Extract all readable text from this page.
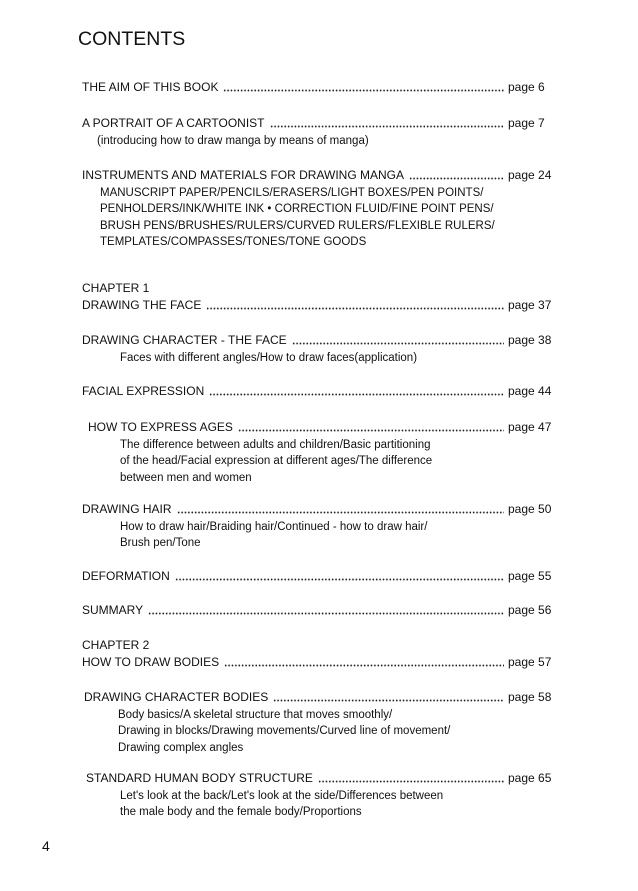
CONTENTS
THE AIM OF THIS BOOK	page 6
A PORTRAIT OF A CARTOONIST	page 7
(introducing how to draw manga by means of manga)
INSTRUMENTS AND MATERIALS FOR DRAWING MANGA	page 24
MANUSCRIPT PAPER/PENCILS/ERASERS/LIGHT BOXES/PEN POINTS/
PENHOLDERS/INK/WHITE INK • CORRECTION FLUID/FINE POINT PENS/
BRUSH PENS/BRUSHES/RULERS/CURVED RULERS/FLEXIBLE RULERS/
TEMPLATES/COMPASSES/TONES/TONE GOODS
CHAPTER 1
DRAWING THE FACE	page 37
DRAWING CHARACTER - THE FACE	page 38
Faces with different angles/How to draw faces(application)
FACIAL EXPRESSION	page 44
HOW TO EXPRESS AGES	page 47
The difference between adults and children/Basic partitioning
of the head/Facial expression at different ages/The difference
between men and women
DRAWING HAIR	page 50
How to draw hair/Braiding hair/Continued - how to draw hair/
Brush pen/Tone
DEFORMATION	page 55
SUMMARY	page 56
CHAPTER 2
HOW TO DRAW BODIES	page 57
DRAWING CHARACTER BODIES	page 58
Body basics/A skeletal structure that moves smoothly/
Drawing in blocks/Drawing movements/Curved line of movement/
Drawing complex angles
STANDARD HUMAN BODY STRUCTURE	page 65
Let's look at the back/Let's look at the side/Differences between
the male body and the female body/Proportions
4
